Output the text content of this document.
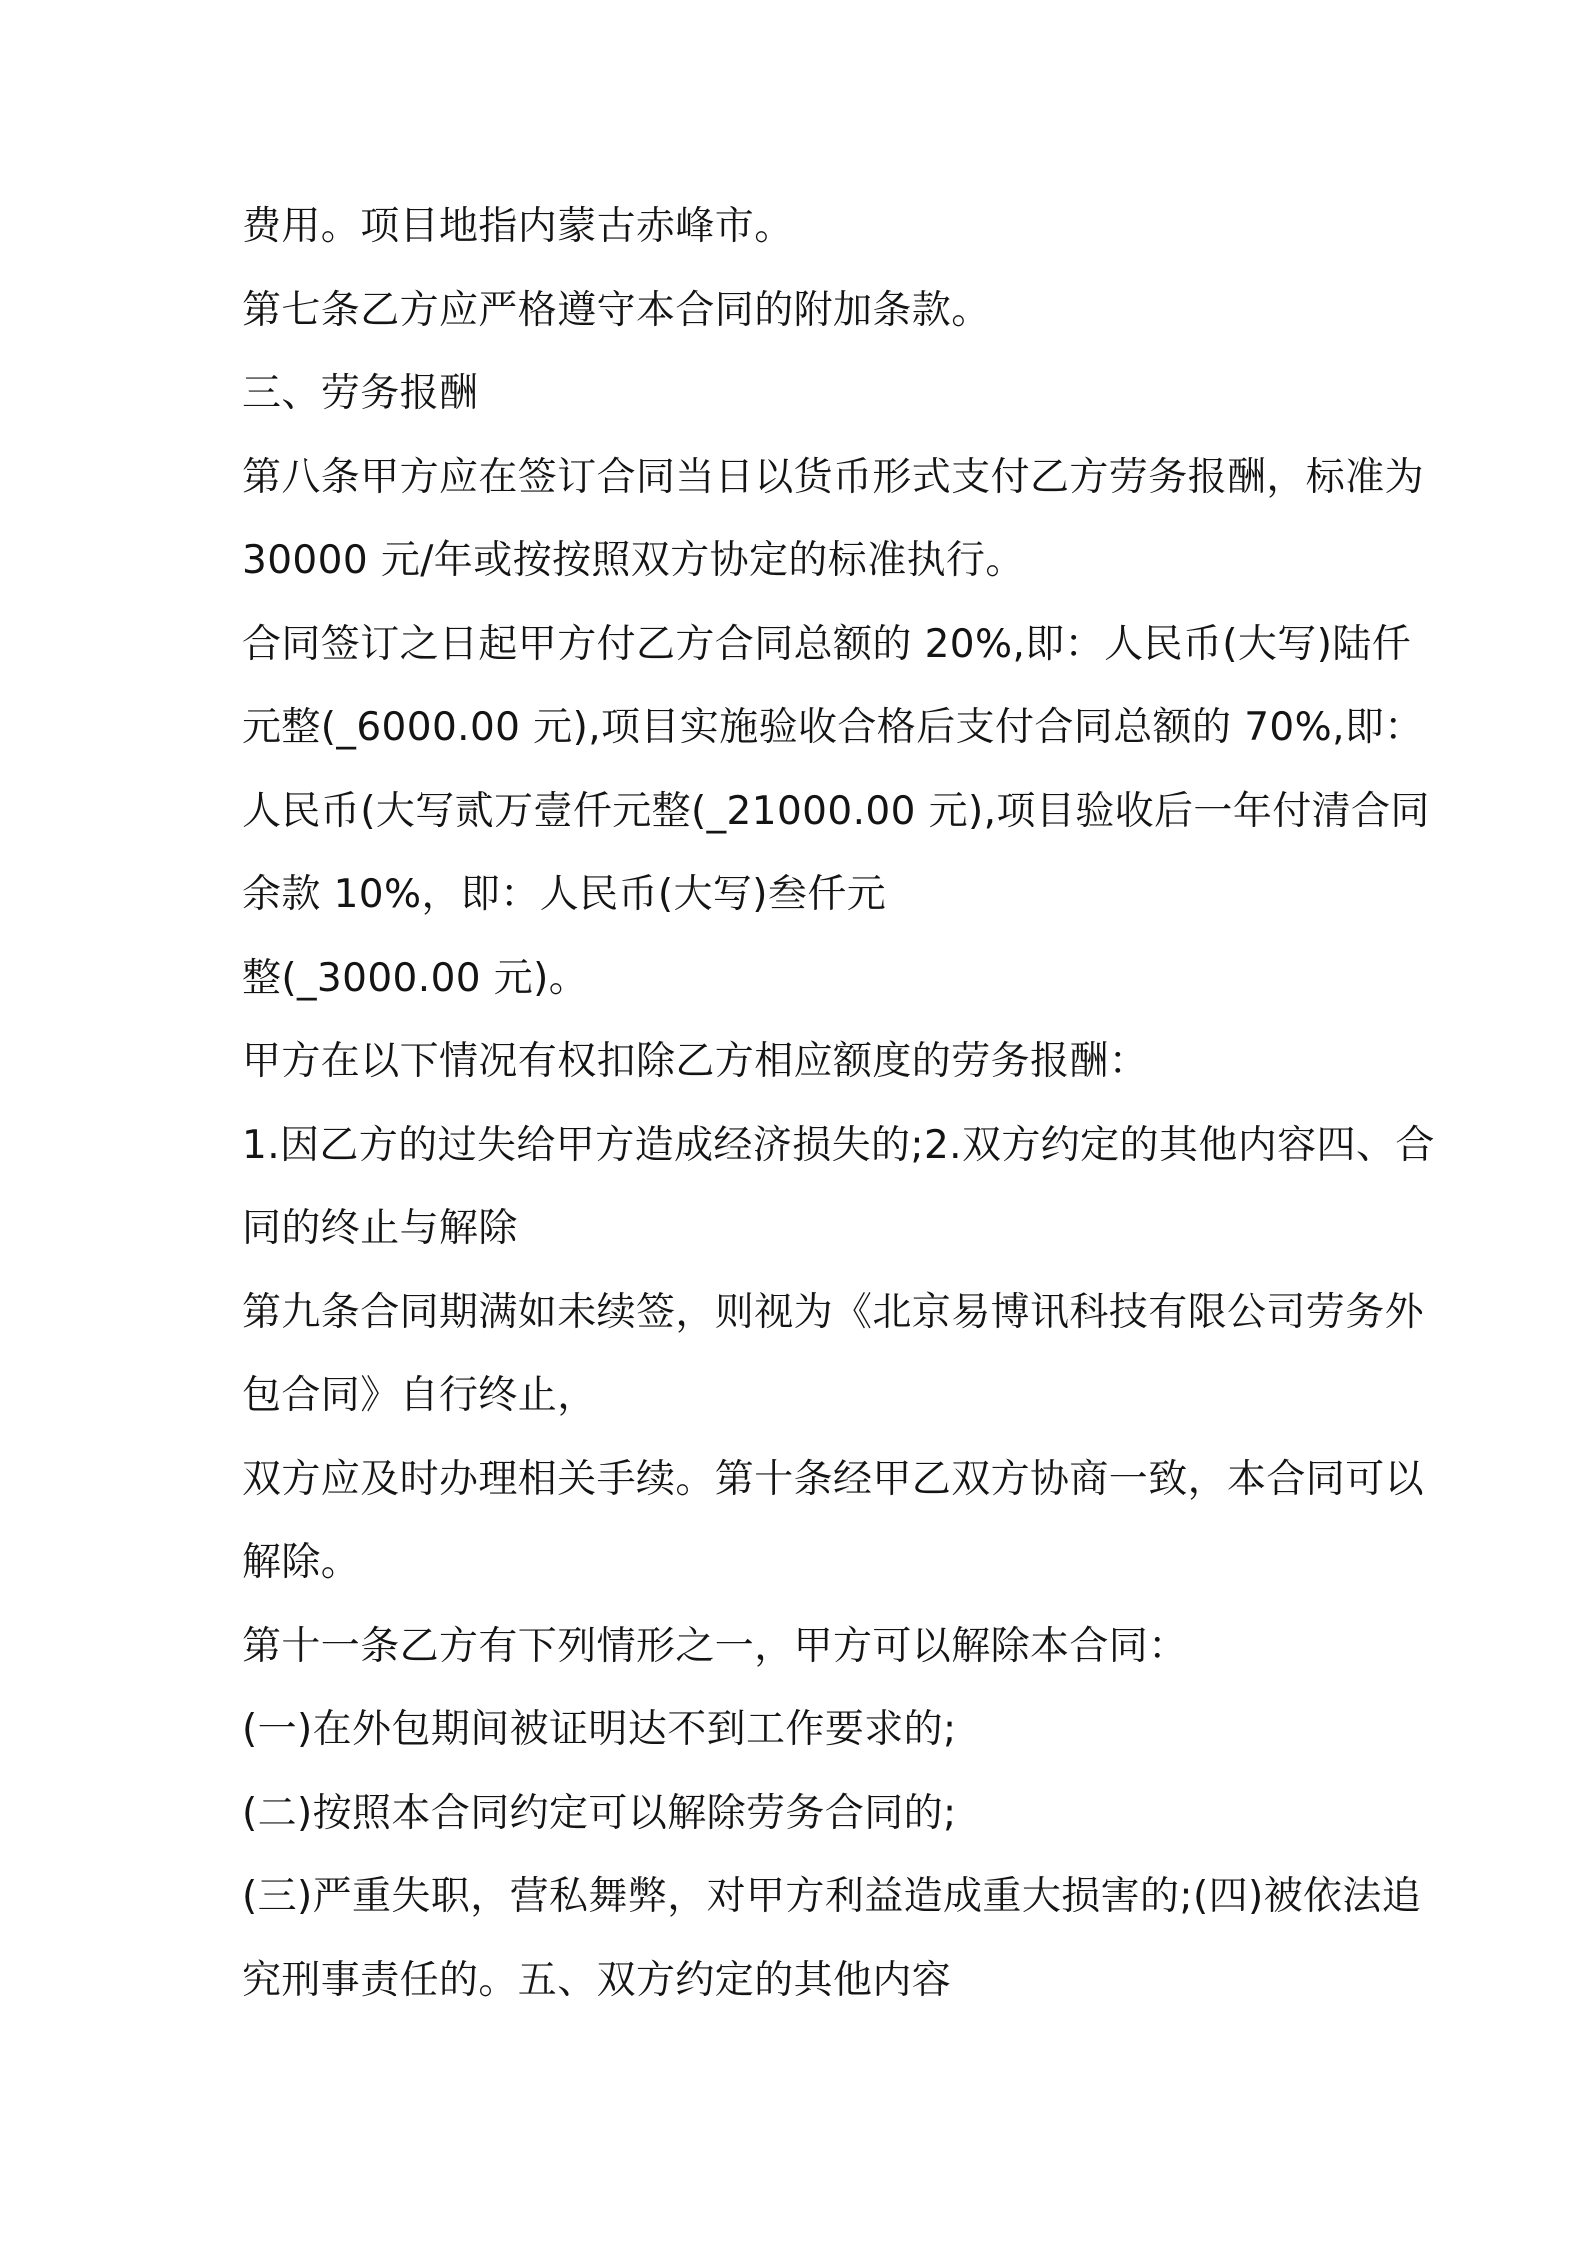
费用。项目地指内蒙古赤峰市。
第七条乙方应严格遵守本合同的附加条款。
三、劳务报酬
第八条甲方应在签订合同当日以货币形式支付乙方劳务报酬，标准为
30000 元/年或按按照双方协定的标准执行。
合同签订之日起甲方付乙方合同总额的 20%,即：人民币(大写)陆仟
元整(_6000.00 元),项目实施验收合格后支付合同总额的 70%,即：
人民币(大写贰万壹仟元整(_21000.00 元),项目验收后一年付清合同
余款 10%，即：人民币(大写)叁仟元
整(_3000.00 元)。
甲方在以下情况有权扣除乙方相应额度的劳务报酬：
1.因乙方的过失给甲方造成经济损失的;2.双方约定的其他内容四、合
同的终止与解除
第九条合同期满如未续签，则视为《北京易博讯科技有限公司劳务外
包合同》自行终止，
双方应及时办理相关手续。第十条经甲乙双方协商一致，本合同可以
解除。
第十一条乙方有下列情形之一，甲方可以解除本合同：
(一)在外包期间被证明达不到工作要求的;
(二)按照本合同约定可以解除劳务合同的;
(三)严重失职，营私舞弊，对甲方利益造成重大损害的;(四)被依法追
究刑事责任的。五、双方约定的其他内容
